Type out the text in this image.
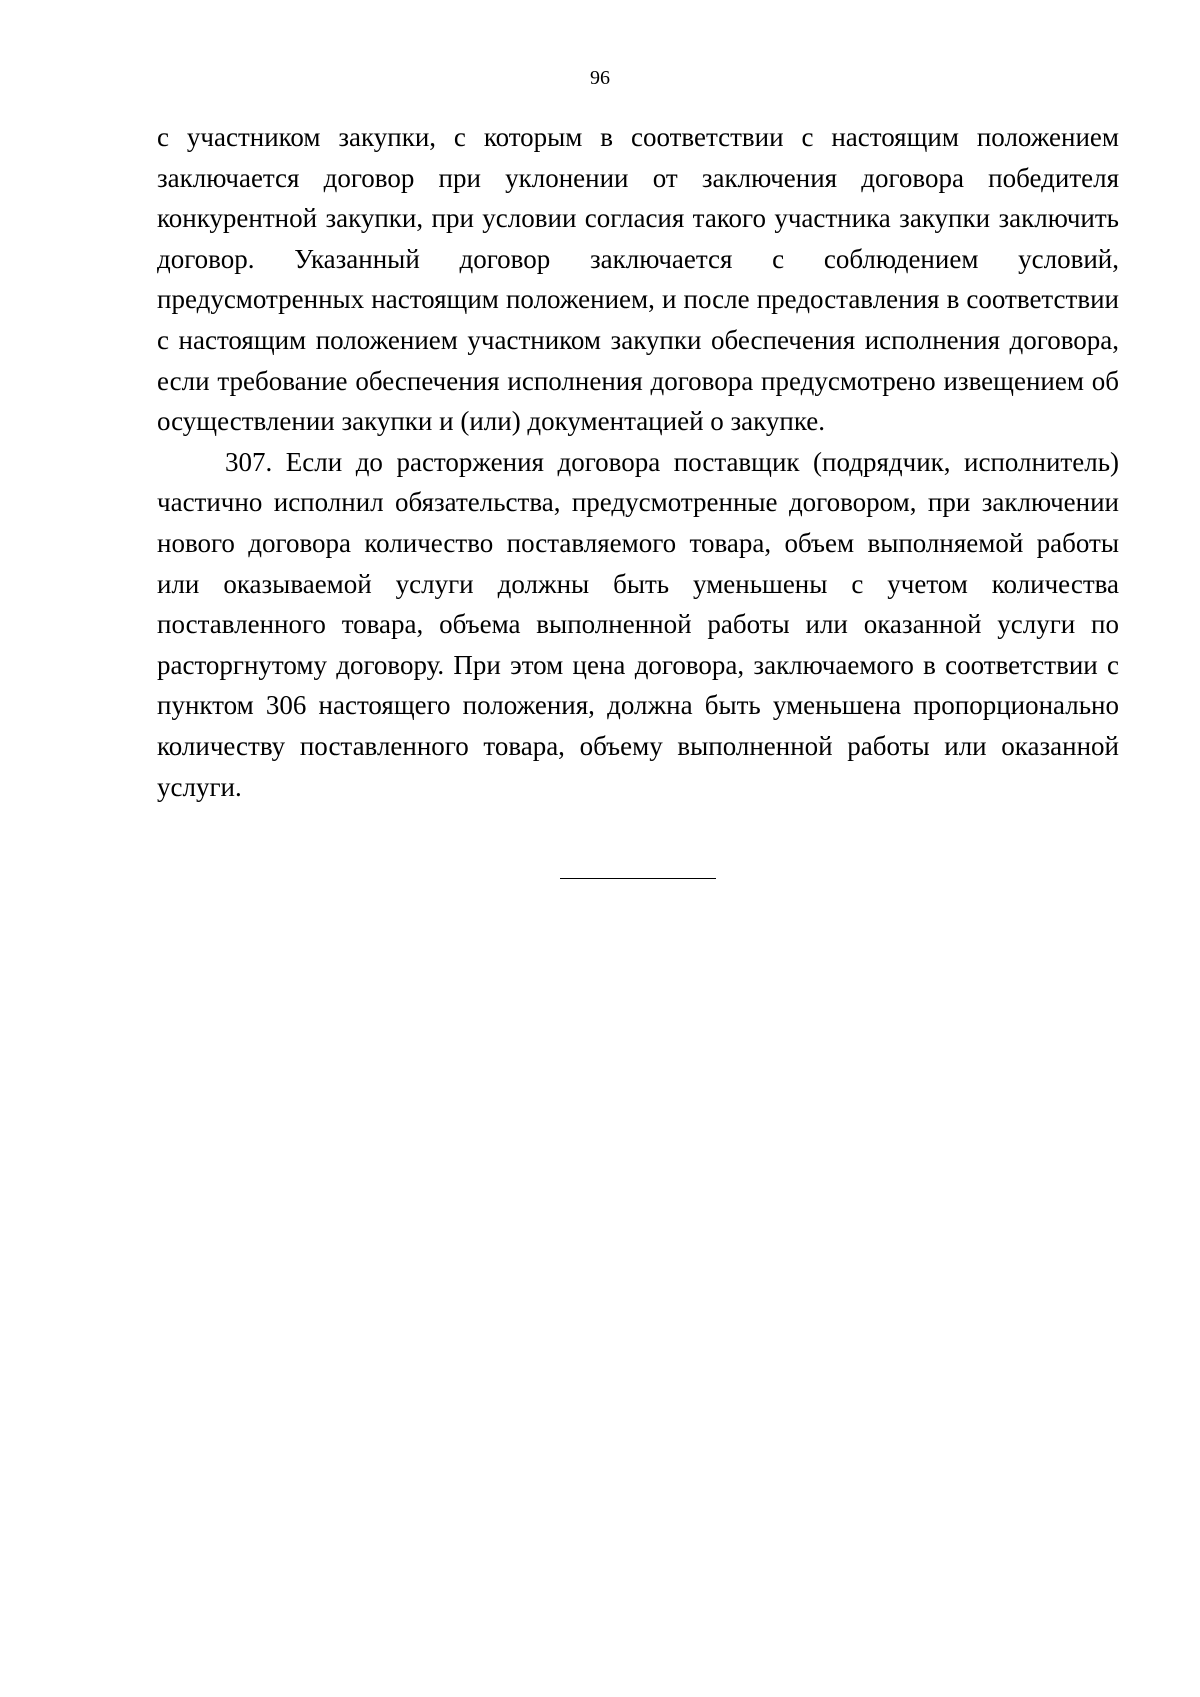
96

с участником закупки, с которым в соответствии с настоящим положением заключается договор при уклонении от заключения договора победителя конкурентной закупки, при условии согласия такого участника закупки заключить договор. Указанный договор заключается с соблюдением условий, предусмотренных настоящим положением, и после предоставления в соответствии с настоящим положением участником закупки обеспечения исполнения договора, если требование обеспечения исполнения договора предусмотрено извещением об осуществлении закупки и (или) документацией о закупке.

307. Если до расторжения договора поставщик (подрядчик, исполнитель) частично исполнил обязательства, предусмотренные договором, при заключении нового договора количество поставляемого товара, объем выполняемой работы или оказываемой услуги должны быть уменьшены с учетом количества поставленного товара, объема выполненной работы или оказанной услуги по расторгнутому договору. При этом цена договора, заключаемого в соответствии с пунктом 306 настоящего положения, должна быть уменьшена пропорционально количеству поставленного товара, объему выполненной работы или оказанной услуги.
